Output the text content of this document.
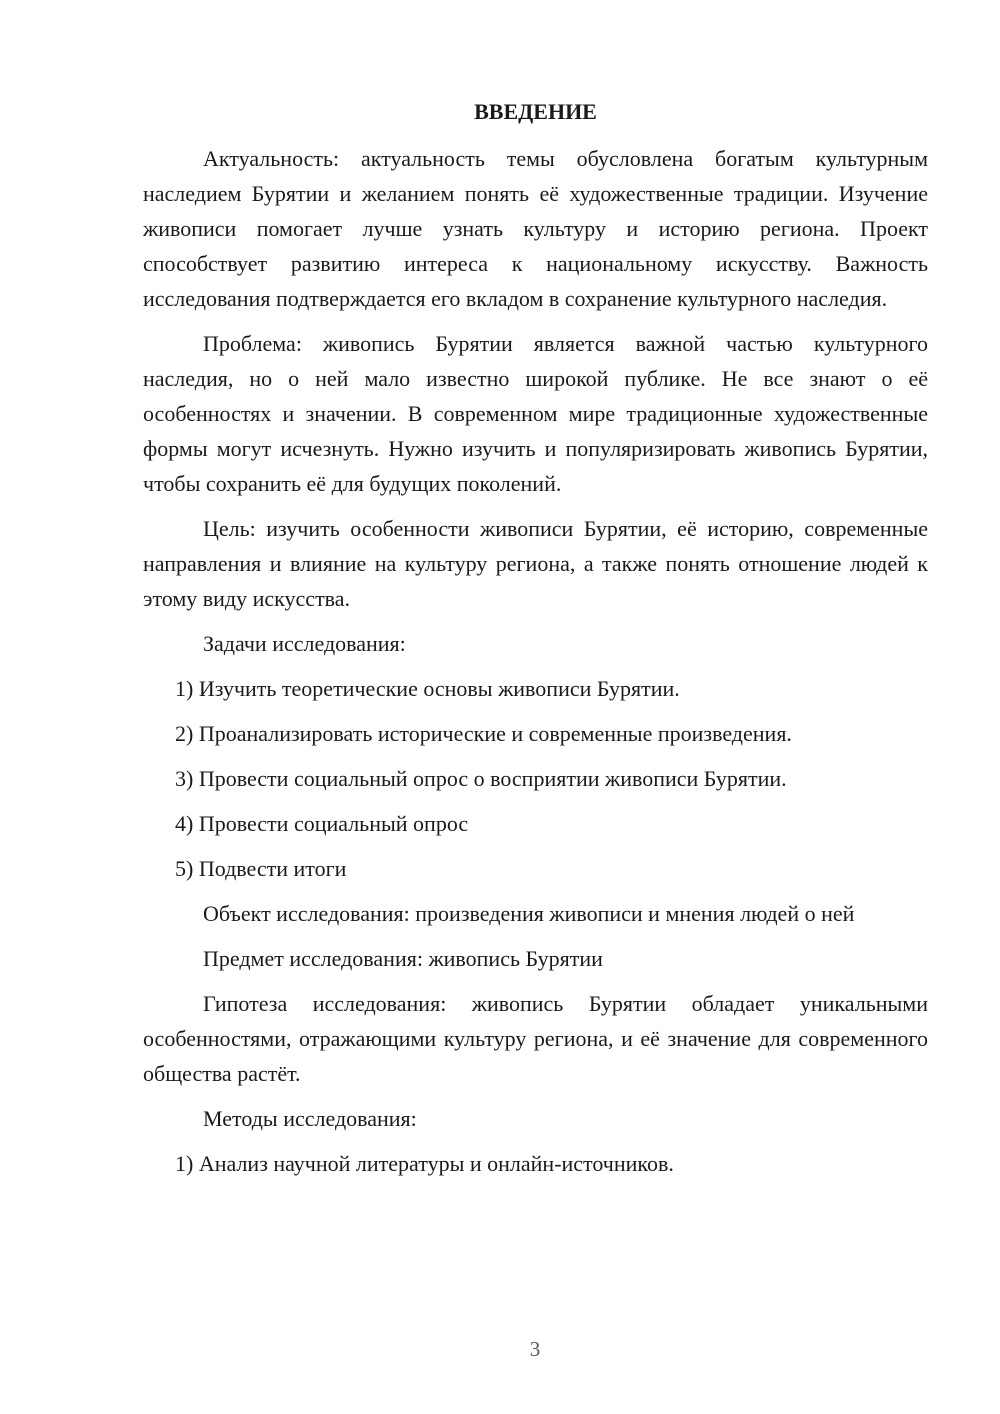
ВВЕДЕНИЕ

Актуальность: актуальность темы обусловлена богатым культурным наследием Бурятии и желанием понять её художественные традиции. Изучение живописи помогает лучше узнать культуру и историю региона. Проект способствует развитию интереса к национальному искусству. Важность исследования подтверждается его вкладом в сохранение культурного наследия.

Проблема: живопись Бурятии является важной частью культурного наследия, но о ней мало известно широкой публике. Не все знают о её особенностях и значении. В современном мире традиционные художественные формы могут исчезнуть. Нужно изучить и популяризировать живопись Бурятии, чтобы сохранить её для будущих поколений.

Цель: изучить особенности живописи Бурятии, её историю, современные направления и влияние на культуру региона, а также понять отношение людей к этому виду искусства.

Задачи исследования:

1) Изучить теоретические основы живописи Бурятии.
2) Проанализировать исторические и современные произведения.
3) Провести социальный опрос о восприятии живописи Бурятии.
4) Провести социальный опрос
5) Подвести итоги

Объект исследования: произведения живописи и мнения людей о ней

Предмет исследования: живопись Бурятии

Гипотеза исследования: живопись Бурятии обладает уникальными особенностями, отражающими культуру региона, и её значение для современного общества растёт.

Методы исследования:

1) Анализ научной литературы и онлайн-источников.
3
